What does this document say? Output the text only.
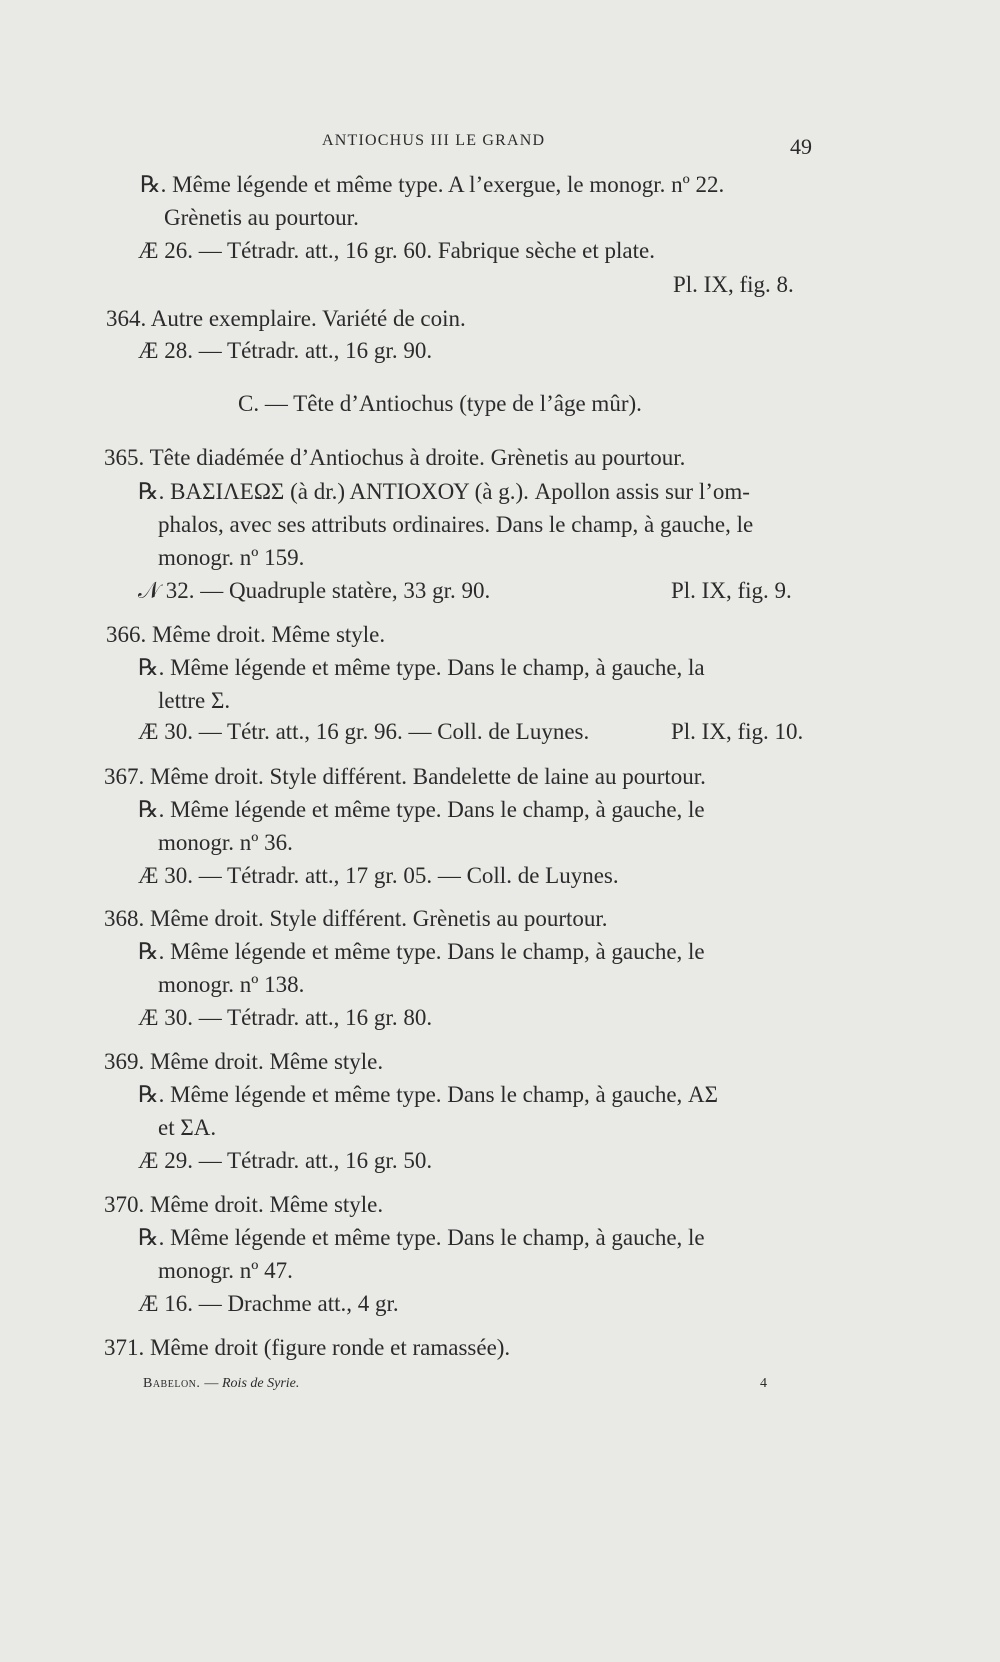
ANTIOCHUS III LE GRAND	49
℞. Même légende et même type. A l’exergue, le monogr. nº 22.
Grènetis au pourtour.
Æ 26. — Tétradr. att., 16 gr. 60. Fabrique sèche et plate.
Pl. IX, fig. 8.
364. Autre exemplaire. Variété de coin.
Æ 28. — Tétradr. att., 16 gr. 90.
C. — Tête d’Antiochus (type de l’âge mûr).
365. Tête diadémée d’Antiochus à droite. Grènetis au pourtour.
℞. ΒΑΣΙΛΕΩΣ (à dr.) ΑΝΤΙΟΧΟΥ (à g.). Apollon assis sur l’om-
phalos, avec ses attributs ordinaires. Dans le champ, à gauche, le
monogr. nº 159.
𝒩 32. — Quadruple statère, 33 gr. 90.	Pl. IX, fig. 9.
366. Même droit. Même style.
℞. Même légende et même type. Dans le champ, à gauche, la
lettre Σ.
Æ 30. — Tétr. att., 16 gr. 96. — Coll. de Luynes.	Pl. IX, fig. 10.
367. Même droit. Style différent. Bandelette de laine au pourtour.
℞. Même légende et même type. Dans le champ, à gauche, le
monogr. nº 36.
Æ 30. — Tétradr. att., 17 gr. 05. — Coll. de Luynes.
368. Même droit. Style différent. Grènetis au pourtour.
℞. Même légende et même type. Dans le champ, à gauche, le
monogr. nº 138.
Æ 30. — Tétradr. att., 16 gr. 80.
369. Même droit. Même style.
℞. Même légende et même type. Dans le champ, à gauche, ΑΣ
et ΣΑ.
Æ 29. — Tétradr. att., 16 gr. 50.
370. Même droit. Même style.
℞. Même légende et même type. Dans le champ, à gauche, le
monogr. nº 47.
Æ 16. — Drachme att., 4 gr.
371. Même droit (figure ronde et ramassée).
Babelon. — Rois de Syrie.	4
